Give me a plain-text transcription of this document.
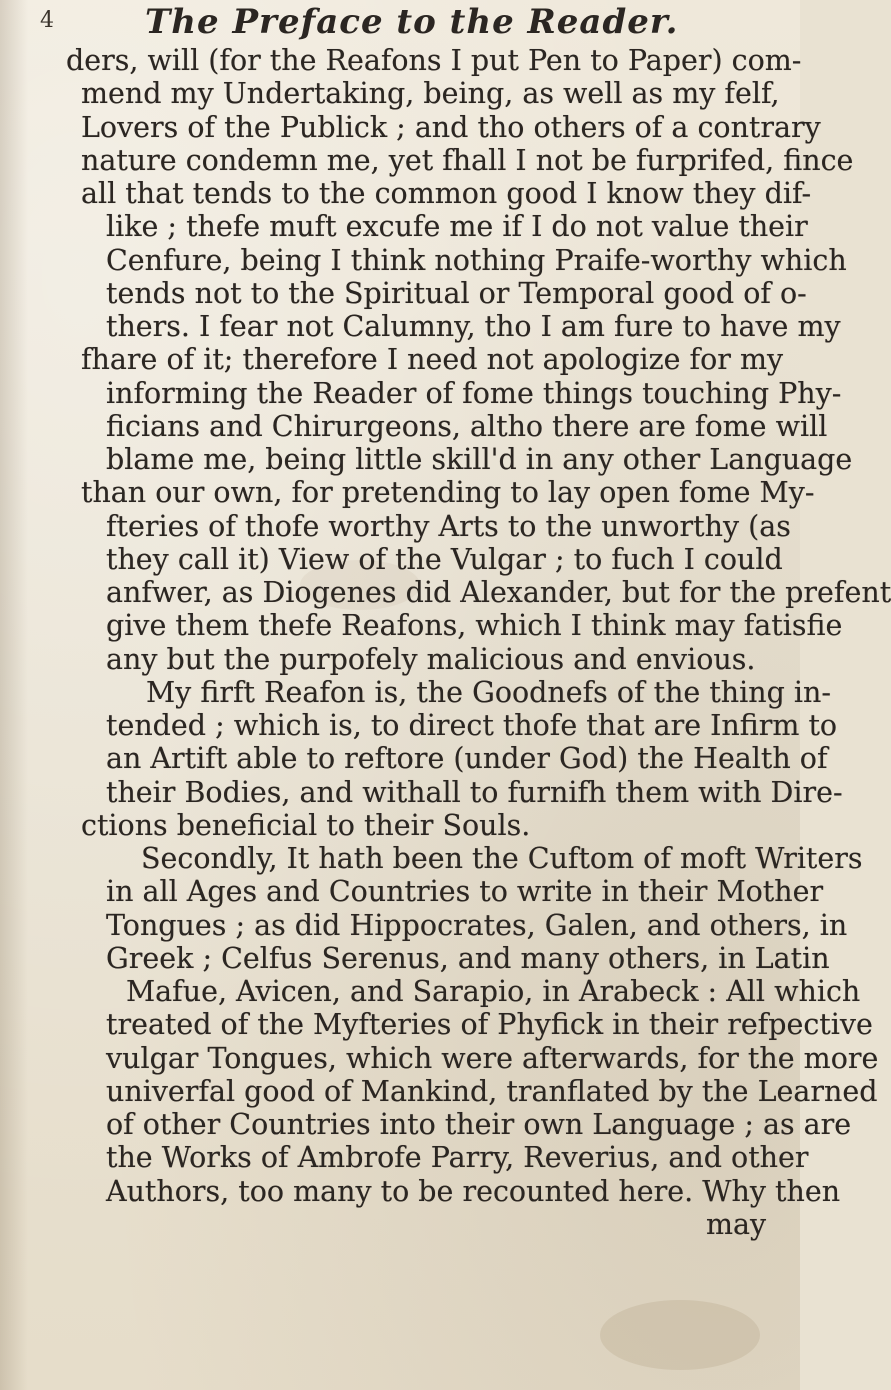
4	The Preface to the Reader.
ders, will (for the Reafons I put Pen to Paper) com-
mend my Undertaking, being, as well as my felf,
Lovers of the Publick ; and tho others of a contrary
nature condemn me, yet fhall I not be furprifed, fince
all that tends to the common good I know they dif-
like ; thefe muft excufe me if I do not value their
Cenfure, being I think nothing Praife-worthy which
tends not to the Spiritual or Temporal good of o-
thers. I fear not Calumny, tho I am fure to have my
fhare of it; therefore I need not apologize for my
informing the Reader of fome things touching Phy-
ficians and Chirurgeons, altho there are fome will
blame me, being little skill'd in any other Language
than our own, for pretending to lay open fome My-
fteries of thofe worthy Arts to the unworthy (as
they call it) View of the Vulgar ; to fuch I could
anfwer, as Diogenes did Alexander, but for the prefent
give them thefe Reafons, which I think may fatisfie
any but the purpofely malicious and envious.
My firft Reafon is, the Goodnefs of the thing in-
tended ; which is, to direct thofe that are Infirm to
an Artift able to reftore (under God) the Health of
their Bodies, and withall to furnifh them with Dire-
ctions beneficial to their Souls.
Secondly, It hath been the Cuftom of moft Writers
in all Ages and Countries to write in their Mother
Tongues ; as did Hippocrates, Galen, and others, in
Greek ; Celfus Serenus, and many others, in Latin
Mafue, Avicen, and Sarapio, in Arabeck : All which
treated of the Myfteries of Phyfick in their refpective
vulgar Tongues, which were afterwards, for the more
univerfal good of Mankind, tranflated by the Learned
of other Countries into their own Language ; as are
the Works of Ambrofe Parry, Reverius, and other
Authors, too many to be recounted here. Why then
may
